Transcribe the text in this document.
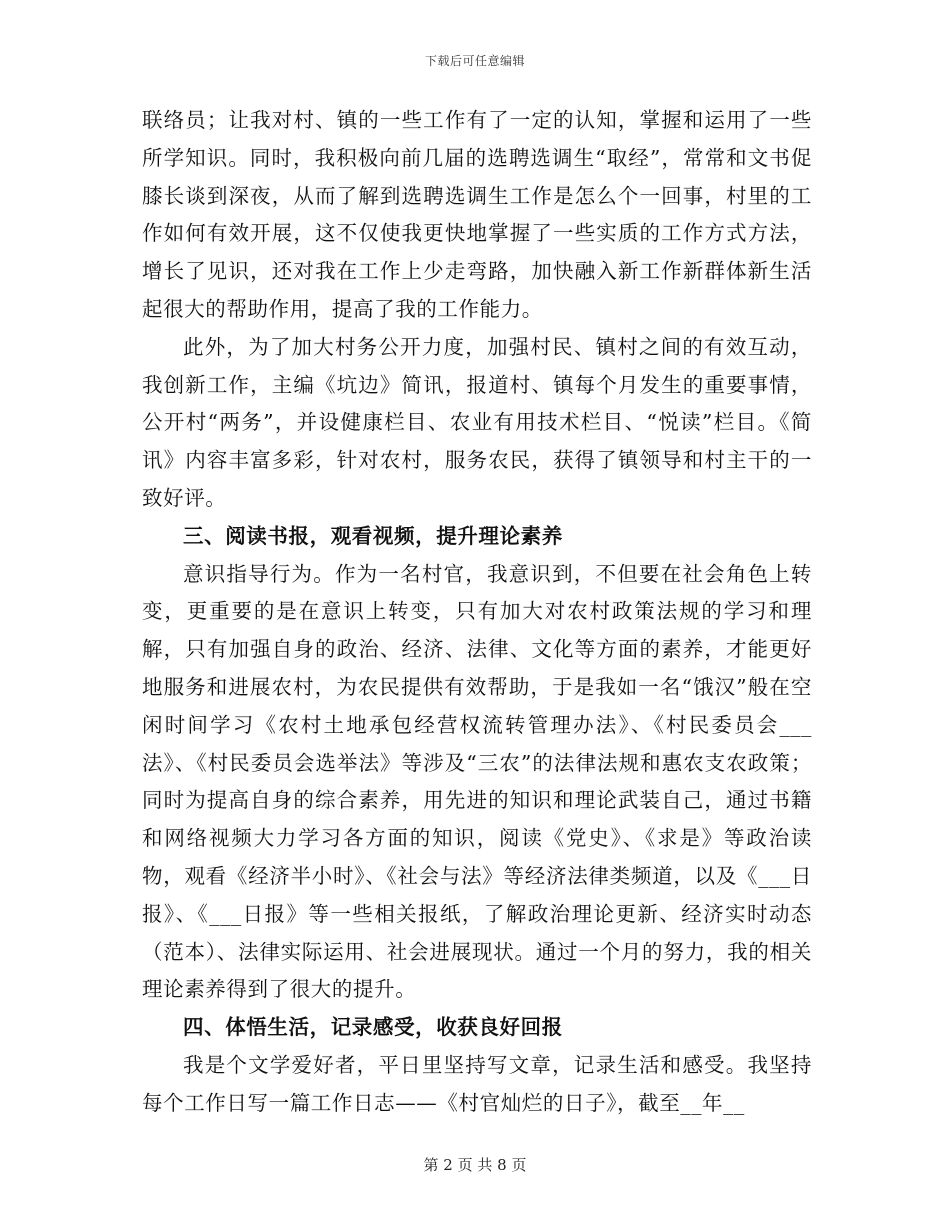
下载后可任意编辑

联络员；让我对村、镇的一些工作有了一定的认知，掌握和运用了一些所学知识。同时，我积极向前几届的选聘选调生“取经”，常常和文书促膝长谈到深夜，从而了解到选聘选调生工作是怎么个一回事，村里的工作如何有效开展，这不仅使我更快地掌握了一些实质的工作方式方法，增长了见识，还对我在工作上少走弯路，加快融入新工作新群体新生活起很大的帮助作用，提高了我的工作能力。

此外，为了加大村务公开力度，加强村民、镇村之间的有效互动，我创新工作，主编《坑边》简讯，报道村、镇每个月发生的重要事情，公开村“两务”，并设健康栏目、农业有用技术栏目、“悦读”栏目。《简讯》内容丰富多彩，针对农村，服务农民，获得了镇领导和村主干的一致好评。

三、阅读书报，观看视频，提升理论素养

意识指导行为。作为一名村官，我意识到，不但要在社会角色上转变，更重要的是在意识上转变，只有加大对农村政策法规的学习和理解，只有加强自身的政治、经济、法律、文化等方面的素养，才能更好地服务和进展农村，为农民提供有效帮助，于是我如一名“饿汉”般在空闲时间学习《农村土地承包经营权流转管理办法》、《村民委员会___法》、《村民委员会选举法》等涉及“三农”的法律法规和惠农支农政策；同时为提高自身的综合素养，用先进的知识和理论武装自己，通过书籍和网络视频大力学习各方面的知识，阅读《党史》、《求是》等政治读物，观看《经济半小时》、《社会与法》等经济法律类频道，以及《___日报》、《___日报》等一些相关报纸，了解政治理论更新、经济实时动态（范本）、法律实际运用、社会进展现状。通过一个月的努力，我的相关理论素养得到了很大的提升。

四、体悟生活，记录感受，收获良好回报

我是个文学爱好者，平日里坚持写文章，记录生活和感受。我坚持每个工作日写一篇工作日志——《村官灿烂的日子》，截至__年__

第 2 页 共 8 页
